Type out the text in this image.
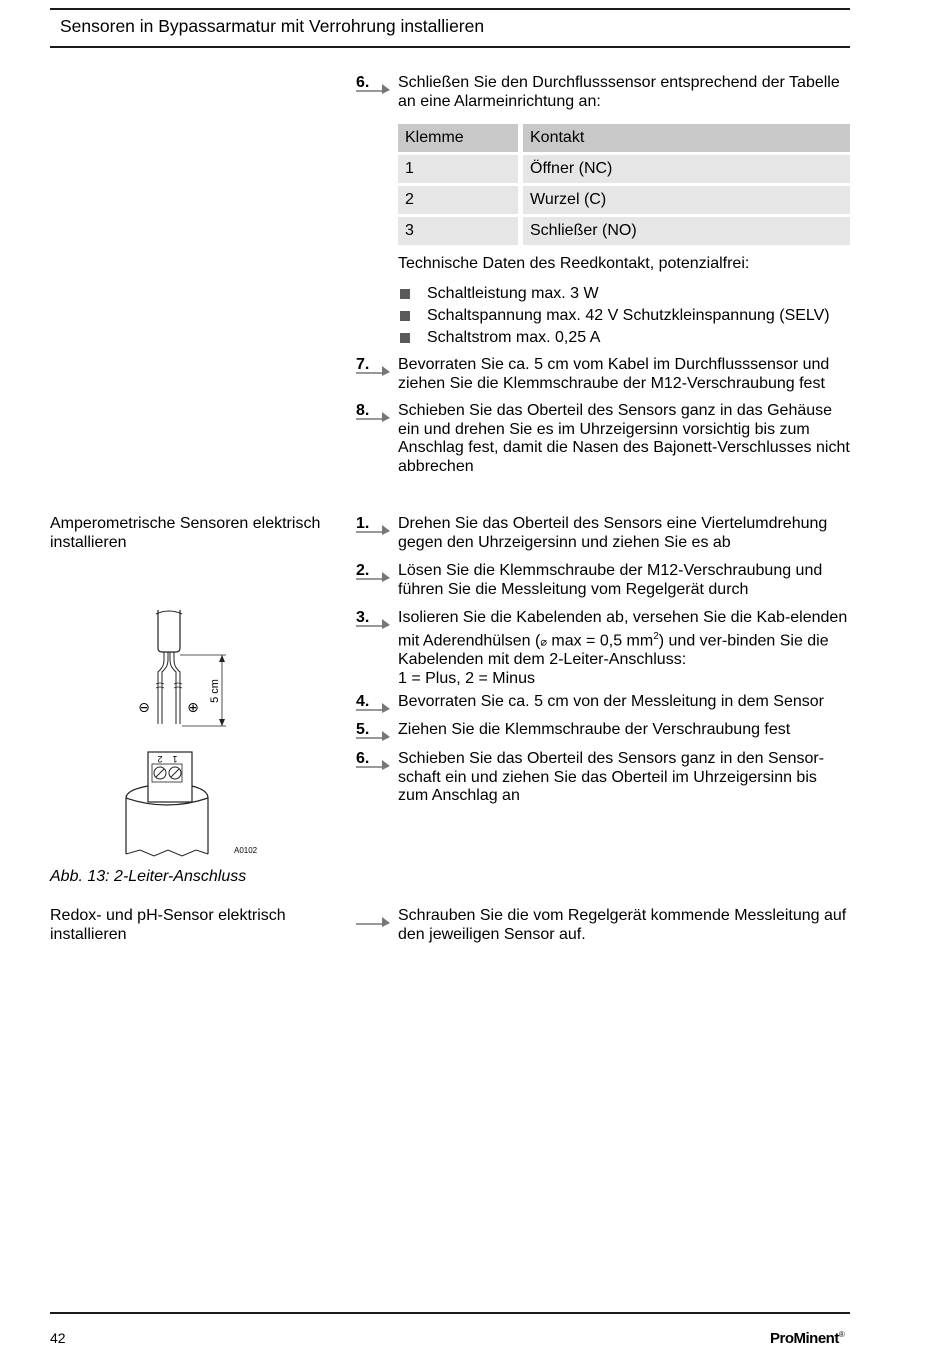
Sensoren in Bypassarmatur mit Verrohrung installieren
6.	Schließen Sie den Durchflusssensor entsprechend der Tabelle an eine Alarmeinrichtung an:
Klemme	Kontakt
1	Öffner (NC)
2	Wurzel (C)
3	Schließer (NO)
Technische Daten des Reedkontakt, potenzialfrei:
Schaltleistung max. 3 W
Schaltspannung max. 42 V Schutzkleinspannung (SELV)
Schaltstrom max. 0,25 A
7.	Bevorraten Sie ca. 5 cm vom Kabel im Durchflusssensor und ziehen Sie die Klemmschraube der M12-Verschraubung fest
8.	Schieben Sie das Oberteil des Sensors ganz in das Gehäuse ein und drehen Sie es im Uhrzeigersinn vorsichtig bis zum Anschlag fest, damit die Nasen des Bajonett-Verschlusses nicht abbrechen
Amperometrische Sensoren elektrisch installieren
1.	Drehen Sie das Oberteil des Sensors eine Viertelumdrehung gegen den Uhrzeigersinn und ziehen Sie es ab
2.	Lösen Sie die Klemmschraube der M12-Verschraubung und führen Sie die Messleitung vom Regelgerät durch
3.	Isolieren Sie die Kabelenden ab, versehen Sie die Kab-elenden mit Aderendhülsen (⌀ max = 0,5 $mm^2$) und ver-binden Sie die Kabelenden mit dem 2-Leiter-Anschluss:
1 = Plus, 2 = Minus
4.	Bevorraten Sie ca. 5 cm von der Messleitung in dem Sensor
5.	Ziehen Sie die Klemmschraube der Verschraubung fest
6.	Schieben Sie das Oberteil des Sensors ganz in den Sensor-schaft ein und ziehen Sie das Oberteil im Uhrzeigersinn bis zum Anschlag an
5 cm
⊖	⊕
2 1
A0102
Abb. 13: 2-Leiter-Anschluss
Redox- und pH-Sensor elektrisch installieren
Schrauben Sie die vom Regelgerät kommende Messleitung auf den jeweiligen Sensor auf.
42	ProMinent®
